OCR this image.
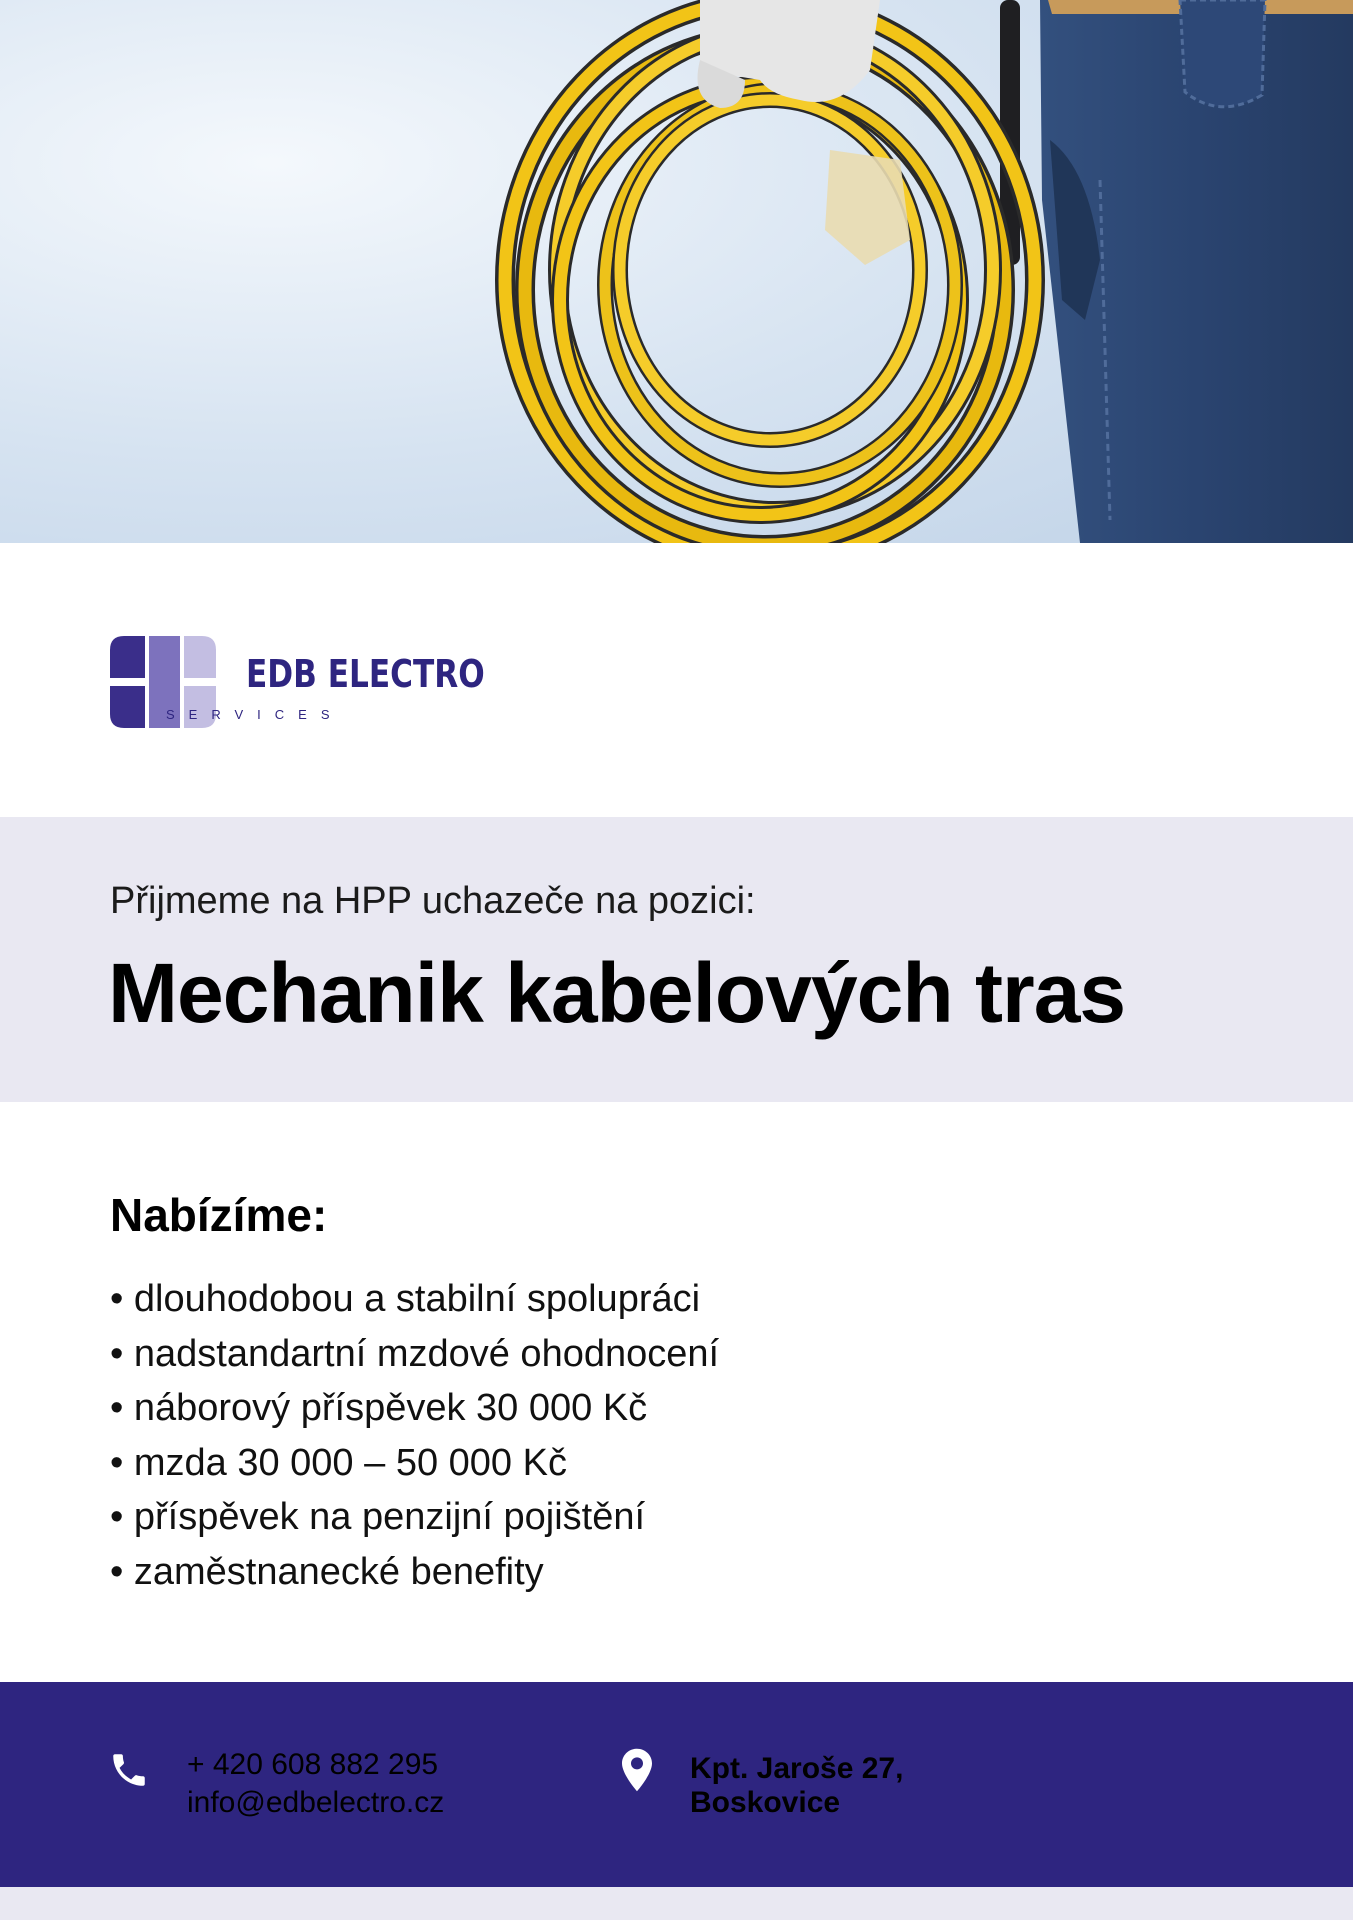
EDB ELECTRO
SERVICES
Přijmeme na HPP uchazeče na pozici:
Mechanik kabelových tras
Nabízíme:
• dlouhodobou a stabilní spolupráci
• nadstandartní mzdové ohodnocení
• náborový příspěvek 30 000 Kč
• mzda 30 000 – 50 000 Kč
• příspěvek na penzijní pojištění
• zaměstnanecké benefity
+ 420 608 882 295
info@edbelectro.cz
Kpt. Jaroše 27,
Boskovice
